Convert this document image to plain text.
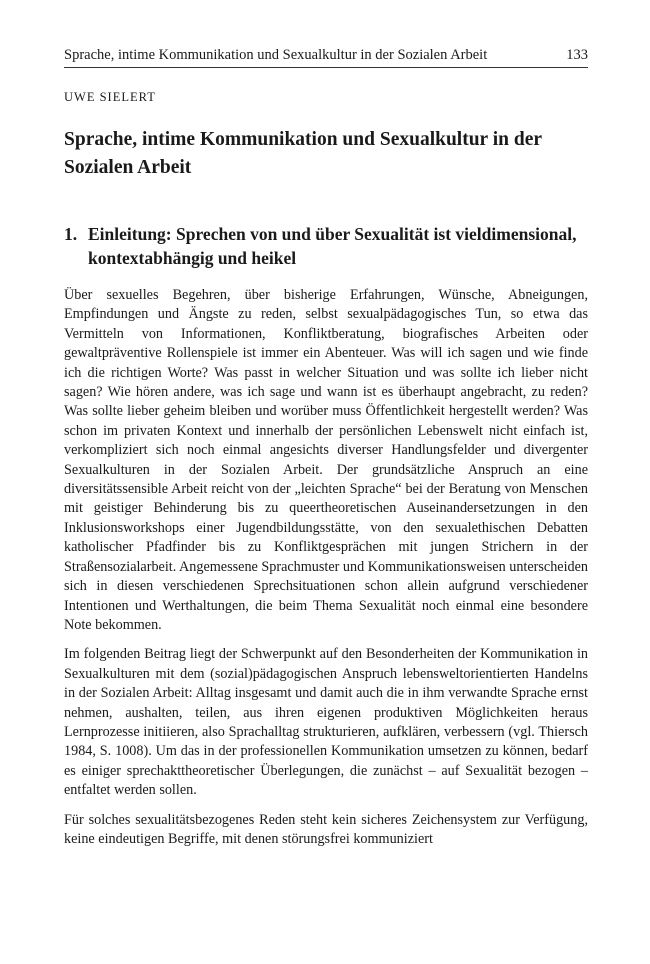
Sprache, intime Kommunikation und Sexualkultur in der Sozialen Arbeit	133
UWE SIELERT
Sprache, intime Kommunikation und Sexualkultur in der Sozialen Arbeit
1. Einleitung: Sprechen von und über Sexualität ist vieldimensional, kontextabhängig und heikel

Über sexuelles Begehren, über bisherige Erfahrungen, Wünsche, Abneigungen, Empfindungen und Ängste zu reden, selbst sexualpädagogisches Tun, so etwa das Vermitteln von Informationen, Konfliktberatung, biografisches Arbeiten oder gewaltpräventive Rollenspiele ist immer ein Abenteuer. Was will ich sagen und wie finde ich die richtigen Worte? Was passt in welcher Situation und was sollte ich lieber nicht sagen? Wie hören andere, was ich sage und wann ist es überhaupt angebracht, zu reden? Was sollte lieber geheim bleiben und worüber muss Öffentlichkeit hergestellt werden? Was schon im privaten Kontext und innerhalb der persönlichen Lebenswelt nicht einfach ist, verkompliziert sich noch einmal angesichts diverser Handlungsfelder und divergenter Sexualkulturen in der Sozialen Arbeit. Der grundsätzliche Anspruch an eine diversitätssensible Arbeit reicht von der „leichten Sprache“ bei der Beratung von Menschen mit geistiger Behinderung bis zu queertheoretischen Auseinandersetzungen in den Inklusionsworkshops einer Jugendbildungsstätte, von den sexualethischen Debatten katholischer Pfadfinder bis zu Konfliktgesprächen mit jungen Strichern in der Straßensozialarbeit. Angemessene Sprachmuster und Kommunikationsweisen unterscheiden sich in diesen verschiedenen Sprechsituationen schon allein aufgrund verschiedener Intentionen und Werthaltungen, die beim Thema Sexualität noch einmal eine besondere Note bekommen.

Im folgenden Beitrag liegt der Schwerpunkt auf den Besonderheiten der Kommunikation in Sexualkulturen mit dem (sozial)pädagogischen Anspruch lebensweltorientierten Handelns in der Sozialen Arbeit: Alltag insgesamt und damit auch die in ihm verwandte Sprache ernst nehmen, aushalten, teilen, aus ihren eigenen produktiven Möglichkeiten heraus Lernprozesse initiieren, also Sprachalltag strukturieren, aufklären, verbessern (vgl. Thiersch 1984, S. 1008). Um das in der professionellen Kommunikation umsetzen zu können, bedarf es einiger sprechakttheoretischer Überlegungen, die zunächst – auf Sexualität bezogen – entfaltet werden sollen.

Für solches sexualitätsbezogenes Reden steht kein sicheres Zeichensystem zur Verfügung, keine eindeutigen Begriffe, mit denen störungsfrei kommuniziert
